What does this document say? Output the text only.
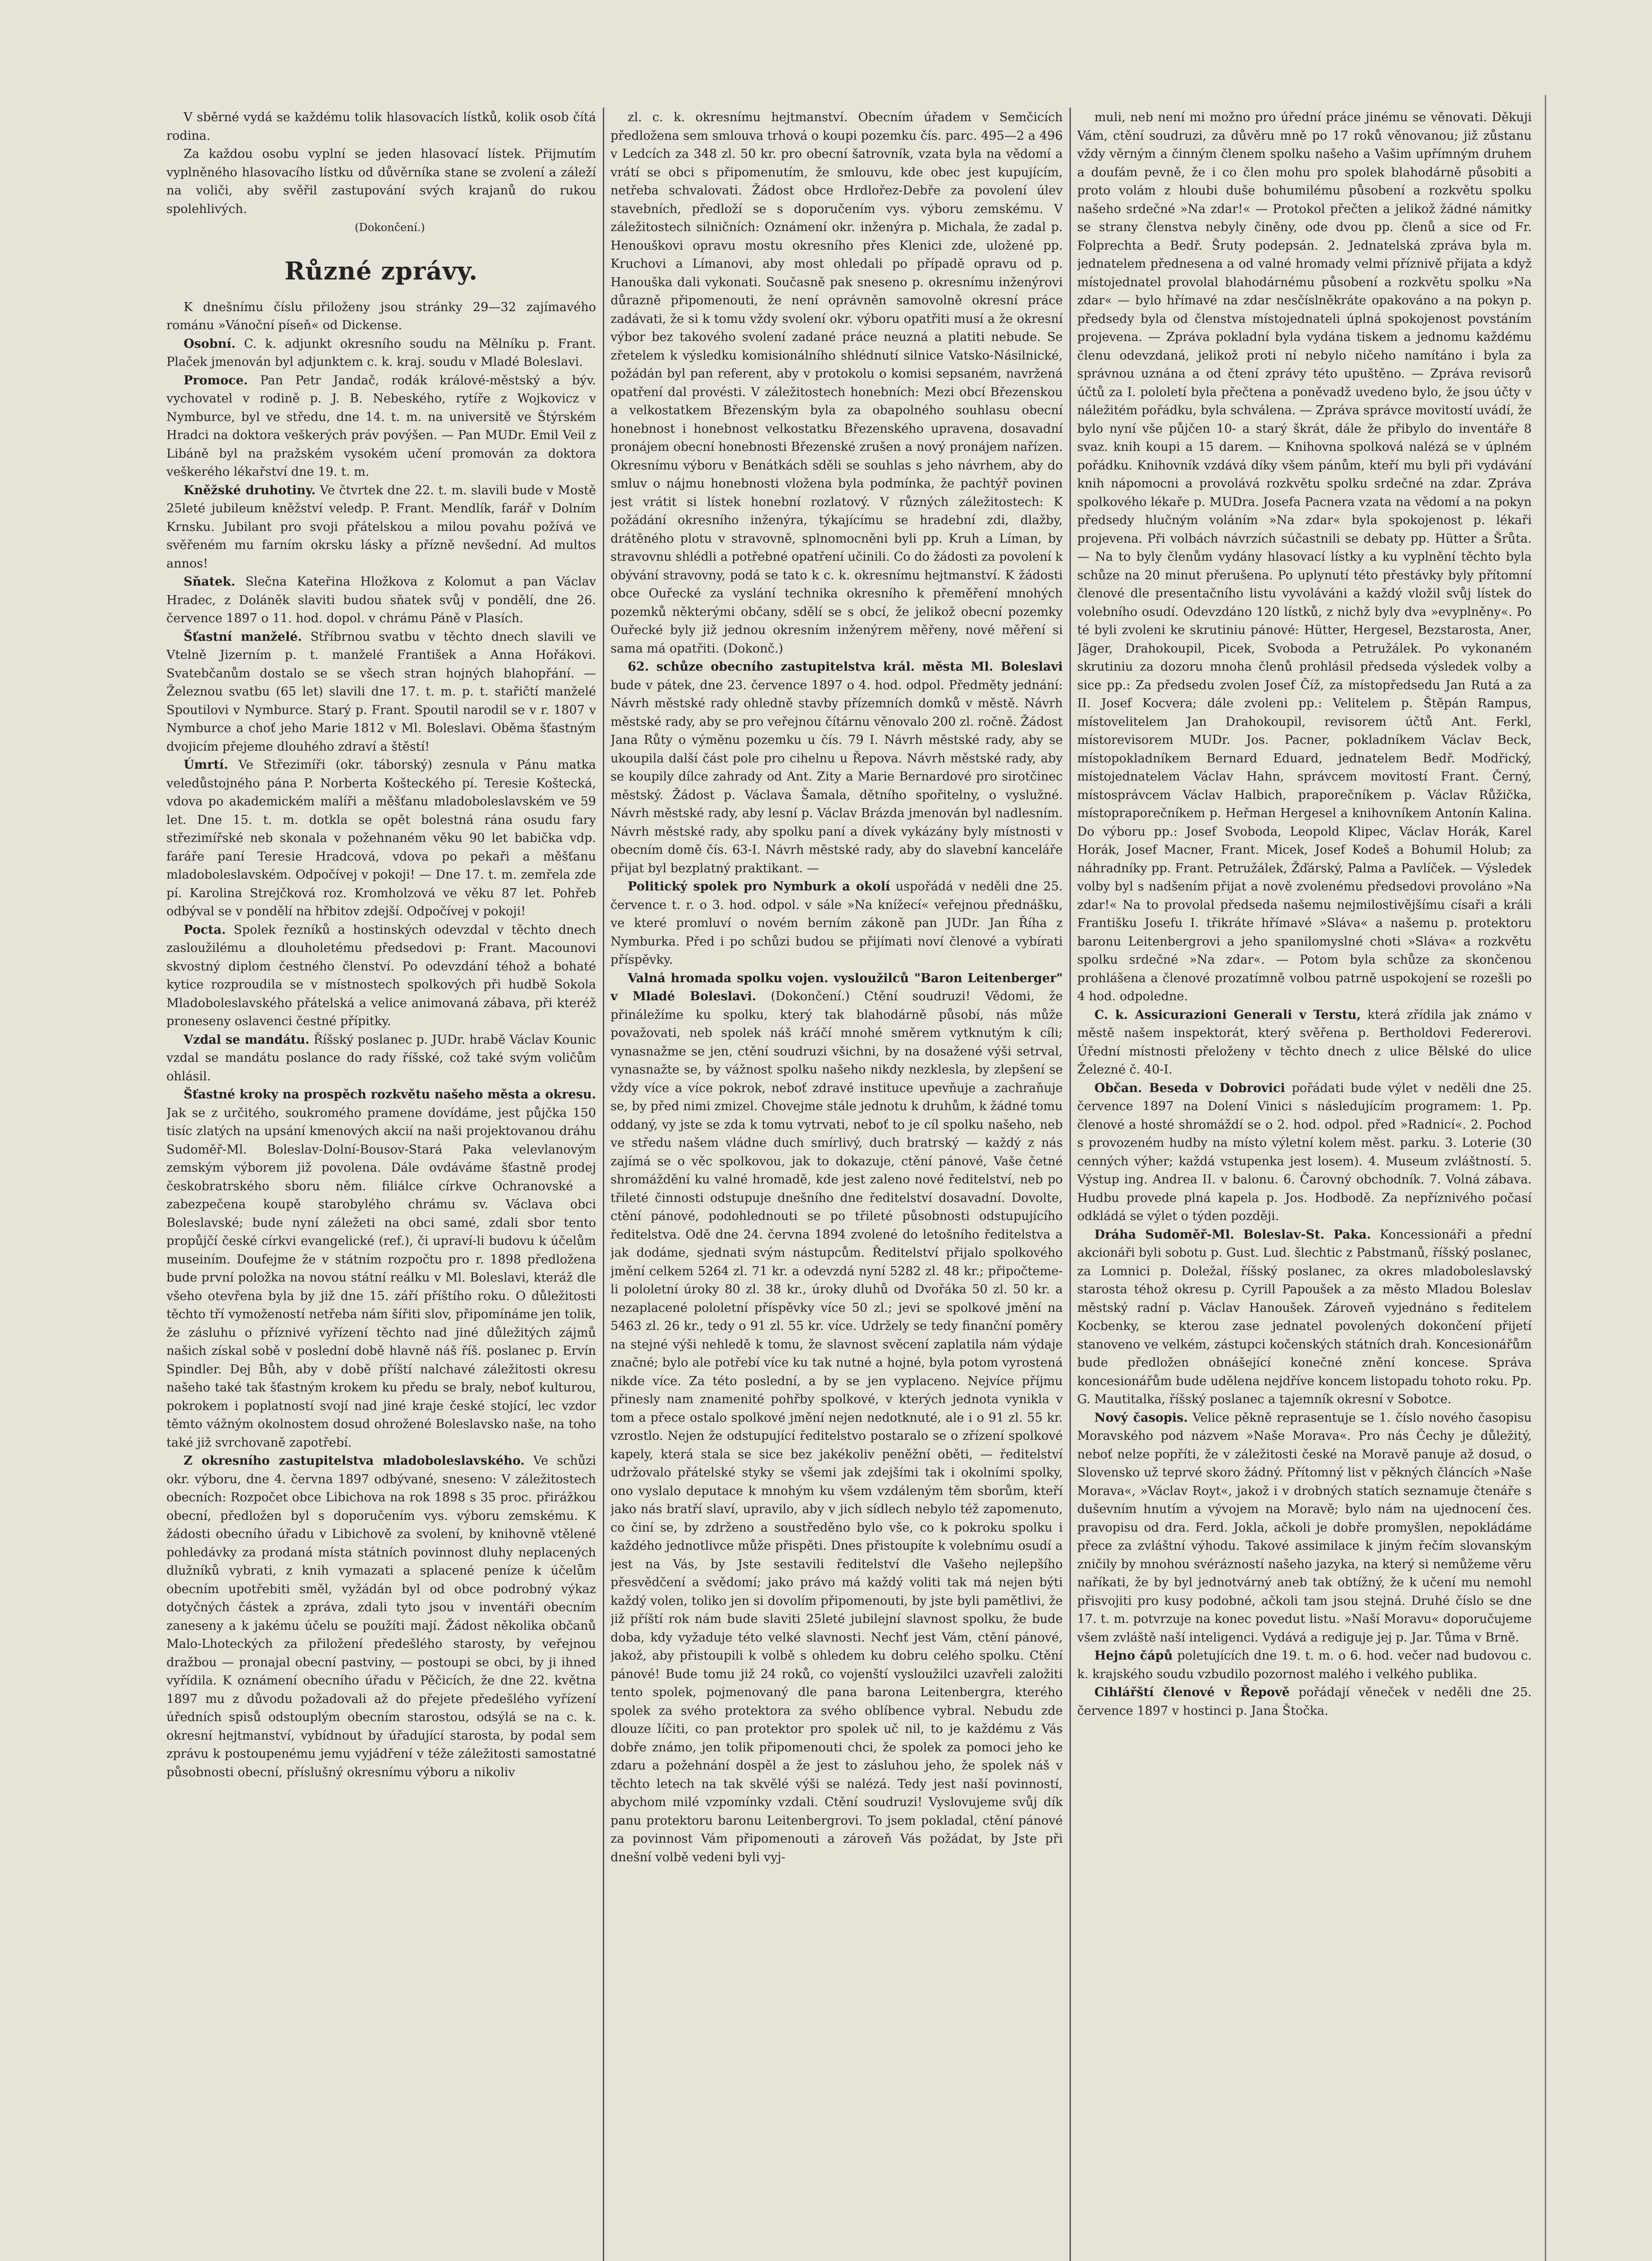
V sběrné vydá se každému tolik hlasovacích lístků, kolik osob čítá rodina.

Za každou osobu vyplní se jeden hlasovací lístek. Přijmutím vyplněného hlasovacího lístku od důvěrníka stane se zvolení a záleží na voliči, aby svěřil zastupování svých krajanů do rukou spolehlivých.

(Dokončení.)

Různé zprávy.

K dnešnímu číslu přiloženy jsou stránky 29—32 zajímavého románu »Vánoční píseň« od Dickense.

Osobní. C. k. adjunkt okresního soudu na Mělníku p. Frant. Plaček jmenován byl adjunktem c. k. kraj. soudu v Mladé Boleslavi.

Promoce. Pan Petr Jandač, rodák králové-městský a býv. vychovatel v rodině p. J. B. Nebeského, rytíře z Wojkovicz v Nymburce, byl ve středu, dne 14. t. m. na universitě ve Štýrském Hradci na doktora veškerých práv povýšen. — Pan MUDr. Emil Veil z Libáně byl na pražském vysokém učení promován za doktora veškerého lékařství dne 19. t. m.

Kněžské druhotiny. Ve čtvrtek dne 22. t. m. slavili bude v Mostě 25leté jubileum kněžství veledp. P. Frant. Mendlík, farář v Dolním Krnsku. Jubilant pro svoji přátelskou a milou povahu požívá ve svěřeném mu farním okrsku lásky a přízně nevšední. Ad multos annos!

Sňatek. Slečna Kateřina Hložkova z Kolomut a pan Václav Hradec, z Doláněk slaviti budou sňatek svůj v pondělí, dne 26. července 1897 o 11. hod. dopol. v chrámu Páně v Plasích.

Šťastní manželé. Stříbrnou svatbu v těchto dnech slavili ve Vtelně Jizerním p. t. manželé František a Anna Hořákovi. Svatebčanům dostalo se se všech stran hojných blahopřání. — Železnou svatbu (65 let) slavili dne 17. t. m. p. t. stařičtí manželé Spoutilovi v Nymburce. Starý p. Frant. Spoutil narodil se v r. 1807 v Nymburce a choť jeho Marie 1812 v Ml. Boleslavi. Oběma šťastným dvojicím přejeme dlouhého zdraví a štěstí!

Úmrtí. Ve Střezimíři (okr. táborský) zesnula v Pánu matka veledůstojného pána P. Norberta Košteckého pí. Teresie Koštecká, vdova po akademickém malíři a měšťanu mladoboleslavském ve 59 let. Dne 15. t. m. dotkla se opět bolestná rána osudu fary střezimířské neb skonala v požehnaném věku 90 let babička vdp. faráře paní Teresie Hradcová, vdova po pekaři a měšťanu mladoboleslavském. Odpočívej v pokoji! — Dne 17. t. m. zemřela zde pí. Karolina Strejčková roz. Kromholzová ve věku 87 let. Pohřeb odbýval se v pondělí na hřbitov zdejší. Odpočívej v pokoji!

Pocta. Spolek řezníků a hostinských odevzdal v těchto dnech zasloužilému a dlouholetému předsedovi p: Frant. Macounovi skvostný diplom čestného členství. Po odevzdání téhož a bohaté kytice rozproudila se v místnostech spolkových při hudbě Sokola Mladoboleslavského přátelská a velice animovaná zábava, při kteréž proneseny oslavenci čestné přípitky.

Vzdal se mandátu. Říšský poslanec p. JUDr. hrabě Václav Kounic vzdal se mandátu poslance do rady říšské, což také svým voličům ohlásil.

Šťastné kroky na prospěch rozkvětu našeho města a okresu. Jak se z určitého, soukromého pramene dovídáme, jest půjčka 150 tisíc zlatých na upsání kmenových akcií na naši projektovanou dráhu Sudoměř-Ml. Boleslav-Dolní-Bousov-Stará Paka velevlanovým zemským výborem již povolena. Dále ovdáváme šťastně prodej českobratrského sboru něm. filiálce církve Ochranovské a zabezpečena koupě starobylého chrámu sv. Václava obci Boleslavské; bude nyní záležeti na obci samé, zdali sbor tento propůjčí české církvi evangelické (ref.), či upraví-li budovu k účelům museiním. Doufejme že v státním rozpočtu pro r. 1898 předložena bude první položka na novou státní reálku v Ml. Boleslavi, kteráž dle všeho otevřena byla by již dne 15. září příštího roku. O důležitosti těchto tří vymožeností netřeba nám šířiti slov, připomínáme jen tolik, že zásluhu o příznivé vyřízení těchto nad jiné důležitých zájmů našich získal sobě v poslední době hlavně náš říš. poslanec p. Ervín Spindler. Dej Bůh, aby v době příští nalchavé záležitosti okresu našeho také tak šťastným krokem ku předu se braly, neboť kulturou, pokrokem i poplatností svojí nad jiné kraje české stojící, lec vzdor těmto vážným okolnostem dosud ohrožené Boleslavsko naše, na toho také již svrchovaně zapotřebí.

Z okresního zastupitelstva mladoboleslavského. Ve schůzi okr. výboru, dne 4. června 1897 odbývané, sneseno: V záležitostech obecních: Rozpočet obce Libichova na rok 1898 s 35 proc. přirážkou obecní, předložen byl s doporučením vys. výboru zemskému. K žádosti obecního úřadu v Libichově za svolení, by knihovně vtělené pohledávky za prodaná místa státních povinnost dluhy neplacených dlužníků vybrati, z knih vymazati a splacené peníze k účelům obecním upotřebiti směl, vyžádán byl od obce podrobný výkaz dotyčných částek a zpráva, zdali tyto jsou v inventáři obecním zaneseny a k jakému účelu se použíti mají. Žádost několika občanů Malo-Lhoteckých za přiložení předešlého starosty, by veřejnou dražbou — pronajal obecní pastviny, — postoupi se obci, by ji ihned vyřídila. K oznámení obecního úřadu v Pěčicích, že dne 22. května 1897 mu z důvodu požadovali až do přejete předešlého vyřízení úředních spisů odstouplým obecním starostou, odsýlá se na c. k. okresní hejtmanství, vybídnout by úřadující starosta, by podal sem zprávu k postoupenému jemu vyjádření v téže záležitosti samostatné působnosti obecní, příslušný okresnímu výboru a nikoliv

zl. c. k. okresnímu hejtmanství. Obecním úřadem v Semčicích předložena sem smlouva trhová o koupi pozemku čís. parc. 495—2 a 496 v Ledcích za 348 zl. 50 kr. pro obecní šatrovník, vzata byla na vědomí a vrátí se obci s připomenutím, že smlouvu, kde obec jest kupujícím, netřeba schvalovati. Žádost obce Hrdlořez-Debře za povolení úlev stavebních, předloží se s doporučením vys. výboru zemskému. V záležitostech silničních: Oznámení okr. inženýra p. Michala, že zadal p. Henouškovi opravu mostu okresního přes Klenici zde, uložené pp. Kruchovi a Límanovi, aby most ohledali po případě opravu od p. Hanouška dali vykonati. Současně pak sneseno p. okresnímu inženýrovi důrazně připomenouti, že není oprávněn samovolně okresní práce zadávati, že si k tomu vždy svolení okr. výboru opatřiti musí a že okresní výbor bez takového svolení zadané práce neuzná a platiti nebude. Se zřetelem k výsledku komisionálního shlédnutí silnice Vatsko-Násilnické, požádán byl pan referent, aby v protokolu o komisi sepsaném, navržená opatření dal provésti. V záležitostech honebních: Mezi obcí Březenskou a velkostatkem Březenským byla za obapolného souhlasu obecní honebnost i honebnost velkostatku Březenského upravena, dosavadní pronájem obecní honebnosti Březenské zrušen a nový pronájem nařízen. Okresnímu výboru v Benátkách sděli se souhlas s jeho návrhem, aby do smluv o nájmu honebnosti vložena byla podmínka, že pachtýř povinen jest vrátit si lístek honební rozlatový. V různých záležitostech: K požádání okresního inženýra, týkajícímu se hradební zdi, dlažby, drátěného plotu v stravovně, splnomocněni byli pp. Kruh a Líman, by stravovnu shlédli a potřebné opatření učinili. Co do žádosti za povolení k obývání stravovny, podá se tato k c. k. okresnímu hejtmanství. K žádosti obce Ouřecké za vyslání technika okresního k přeměření mnohých pozemků některými občany, sdělí se s obcí, že jelikož obecní pozemky Ouřecké byly již jednou okresním inženýrem měřeny, nové měření si sama má opatřiti. (Dokonč.)

62. schůze obecního zastupitelstva král. města Ml. Boleslavi bude v pátek, dne 23. července 1897 o 4. hod. odpol. Předměty jednání: Návrh městské rady ohledně stavby přízemních domků v městě. Návrh městské rady, aby se pro veřejnou čítárnu věnovalo 200 zl. ročně. Žádost Jana Růty o výměnu pozemku u čís. 79 I. Návrh městské rady, aby se ukoupila další část pole pro cihelnu u Řepova. Návrh městské rady, aby se koupily dílce zahrady od Ant. Zity a Marie Bernardové pro sirotčinec městský. Žádost p. Václava Šamala, dětního spořitelny, o vyslužné. Návrh městské rady, aby lesní p. Václav Brázda jmenován byl nadlesním. Návrh městské rady, aby spolku paní a dívek vykázány byly místnosti v obecním domě čís. 63-I. Návrh městské rady, aby do slavební kanceláře přijat byl bezplatný praktikant. —

Politický spolek pro Nymburk a okolí uspořádá v neděli dne 25. července t. r. o 3. hod. odpol. v sále »Na knížecí« veřejnou přednášku, ve které promluví o novém berním zákoně pan JUDr. Jan Říha z Nymburka. Před i po schůzi budou se přijímati noví členové a vybírati příspěvky.

Valná hromada spolku vojen. vysloužilců "Baron Leitenberger" v Mladé Boleslavi. (Dokončení.) Ctění soudruzi! Vědomi, že přináležíme ku spolku, který tak blahodárně působí, nás může považovati, neb spolek náš kráčí mnohé směrem vytknutým k cíli; vynasnažme se jen, ctění soudruzi všichni, by na dosažené výši setrval, vynasnažte se, by vážnost spolku našeho nikdy nezklesla, by zlepšení se vždy více a více pokrok, neboť zdravé instituce upevňuje a zachraňuje se, by před nimi zmizel. Chovejme stále jednotu k druhům, k žádné tomu oddaný, vy jste se zda k tomu vytrvati, neboť to je cíl spolku našeho, neb ve středu našem vládne duch smírlivý, duch bratrský — každý z nás zajímá se o věc spolkovou, jak to dokazuje, ctění pánové, Vaše četné shromáždění ku valné hromadě, kde jest zaleno nové ředitelství, neb po třileté činnosti odstupuje dnešního dne ředitelství dosavadní. Dovolte, ctění pánové, podohlednouti se po třileté působnosti odstupujícího ředitelstva. Odě dne 24. června 1894 zvolené do letošního ředitelstva a jak dodáme, sjednati svým nástupcům. Ředitelství přijalo spolkového jmění celkem 5264 zl. 71 kr. a odevzdá nyní 5282 zl. 48 kr.; připočteme-li pololetní úroky 80 zl. 38 kr., úroky dluhů od Dvořáka 50 zl. 50 kr. a nezaplacené pololetní příspěvky více 50 zl.; jevi se spolkové jmění na 5463 zl. 26 kr., tedy o 91 zl. 55 kr. více. Udržely se tedy finanční poměry na stejné výši nehledě k tomu, že slavnost svěcení zaplatila nám výdaje značné; bylo ale potřebí více ku tak nutné a hojné, byla potom vyrostená nikde více. Za této poslední, a by se jen vyplaceno. Nejvíce příjmu přinesly nam znamenité pohřby spolkové, v kterých jednota vynikla v tom a přece ostalo spolkové jmění nejen nedotknuté, ale i o 91 zl. 55 kr. vzrostlo. Nejen že odstupující ředitelstvo postaralo se o zřízení spolkové kapely, která stala se sice bez jakékoliv peněžní oběti, — ředitelství udržovalo přátelské styky se všemi jak zdejšími tak i okolními spolky, ono vyslalo deputace k mnohým ku všem vzdáleným těm sborům, kteří jako nás bratří slaví, upravilo, aby v jich sídlech nebylo též zapomenuto, co činí se, by zdrženo a soustředěno bylo vše, co k pokroku spolku i každého jednotlivce může přispěti. Dnes přistoupíte k volebnímu osudí a jest na Vás, by Jste sestavili ředitelství dle Vašeho nejlepšího přesvědčení a svědomí; jako právo má každý voliti tak má nejen býti každý volen, toliko jen si dovolím připomenouti, by jste byli pamětlivi, že již příští rok nám bude slaviti 25leté jubilejní slavnost spolku, že bude doba, kdy vyžaduje této velké slavnosti. Nechť jest Vám, ctění pánové, jakož, aby přistoupili k volbě s ohledem ku dobru celého spolku. Ctění pánové! Bude tomu již 24 roků, co vojenští vysloužilci uzavřeli založiti tento spolek, pojmenovaný dle pana barona Leitenbergra, kterého spolek za svého protektora za svého oblíbence vybral. Nebudu zde dlouze líčiti, co pan protektor pro spolek uč nil, to je každému z Vás dobře známo, jen tolik připomenouti chci, že spolek za pomoci jeho ke zdaru a požehnání dospěl a že jest to zásluhou jeho, že spolek náš v těchto letech na tak skvělé výši se nalézá. Tedy jest naší povinností, abychom milé vzpomínky vzdali. Ctění soudruzi! Vyslovujeme svůj dík panu protektoru baronu Leitenbergrovi. To jsem pokladal, ctění pánové za povinnost Vám připomenouti a zároveň Vás požádat, by Jste při dnešní volbě vedeni byli vyj-

muli, neb není mi možno pro úřední práce jinému se věnovati. Děkuji Vám, ctění soudruzi, za důvěru mně po 17 roků věnovanou; již zůstanu vždy věrným a činným členem spolku našeho a Vašim upřímným druhem a doufám pevně, že i co člen mohu pro spolek blahodárně působiti a proto volám z hloubi duše bohumilému působení a rozkvětu spolku našeho srdečné »Na zdar!« — Protokol přečten a jelikož žádné námitky se strany členstva nebyly činěny, ode dvou pp. členů a sice od Fr. Folprechta a Bedř. Šruty podepsán. 2. Jednatelská zpráva byla m. jednatelem přednesena a od valné hromady velmi příznivě přijata a když místojednatel provolal blahodárnému působení a rozkvětu spolku »Na zdar« — bylo hřímavé na zdar nesčíslněkráte opakováno a na pokyn p. předsedy byla od členstva místojednateli úplná spokojenost povstáním projevena. — Zpráva pokladní byla vydána tiskem a jednomu každému členu odevzdaná, jelikož proti ní nebylo ničeho namítáno i byla za správnou uznána a od čtení zprávy této upuštěno. — Zpráva revisorů účtů za I. pololetí byla přečtena a poněvadž uvedeno bylo, že jsou účty v náležitém pořádku, byla schválena. — Zpráva správce movitostí uvádí, že bylo nyní vše půjčen 10- a starý škrát, dále že přibylo do inventáře 8 svaz. knih koupi a 15 darem. — Knihovna spolková nalézá se v úplném pořádku. Knihovník vzdává díky všem pánům, kteří mu byli při vydávání knih nápomocni a provolává rozkvětu spolku srdečné na zdar. Zpráva spolkového lékaře p. MUDra. Josefa Pacnera vzata na vědomí a na pokyn předsedy hlučným voláním »Na zdar« byla spokojenost p. lékaři projevena. Při volbách návrzích súčastnili se debaty pp. Hütter a Šrůta. — Na to byly členům vydány hlasovací lístky a ku vyplnění těchto byla schůze na 20 minut přerušena. Po uplynutí této přestávky byly přítomní členové dle presentačního listu vyvoláváni a každý vložil svůj lístek do volebního osudí. Odevzdáno 120 lístků, z nichž byly dva »evyplněny«. Po té byli zvoleni ke skrutiniu pánové: Hütter, Hergesel, Bezstarosta, Aner, Jäger, Drahokoupil, Picek, Svoboda a Petružálek. Po vykonaném skrutiniu za dozoru mnoha členů prohlásil předseda výsledek volby a sice pp.: Za předsedu zvolen Josef Číž, za místopředsedu Jan Rutá a za II. Josef Kocvera; dále zvoleni pp.: Velitelem p. Štěpán Rampus, místovelitelem Jan Drahokoupil, revisorem účtů Ant. Ferkl, místorevisorem MUDr. Jos. Pacner, pokladníkem Václav Beck, místopokladníkem Bernard Eduard, jednatelem Bedř. Modřický, místojednatelem Václav Hahn, správcem movitostí Frant. Černý, místosprávcem Václav Halbich, praporečníkem p. Václav Růžička, místopraporečníkem p. Heřman Hergesel a knihovníkem Antonín Kalina. Do výboru pp.: Josef Svoboda, Leopold Klipec, Václav Horák, Karel Horák, Josef Macner, Frant. Micek, Josef Kodeš a Bohumil Holub; za náhradníky pp. Frant. Petružálek, Žďárský, Palma a Pavlíček. — Výsledek volby byl s nadšením přijat a nově zvolenému předsedovi provoláno »Na zdar!« Na to provolal předseda našemu nejmilostivějšímu císaři a králi Františku Josefu I. třikráte hřímavé »Sláva« a našemu p. protektoru baronu Leitenbergrovi a jeho spanilomyslné choti »Sláva« a rozkvětu spolku srdečné »Na zdar«. — Potom byla schůze za skončenou prohlášena a členové prozatímně volbou patrně uspokojení se rozešli po 4 hod. odpoledne.

C. k. Assicurazioni Generali v Terstu, která zřídila jak známo v městě našem inspektorát, který svěřena p. Bertholdovi Federerovi. Úřední místnosti přeloženy v těchto dnech z ulice Bělské do ulice Železné č. 40-I.

Občan. Beseda v Dobrovici pořádati bude výlet v neděli dne 25. července 1897 na Dolení Vinici s následujícím programem: 1. Pp. členové a hosté shromáždí se o 2. hod. odpol. před »Radnicí«. 2. Pochod s provozeném hudby na místo výletní kolem měst. parku. 3. Loterie (30 cenných výher; každá vstupenka jest losem). 4. Museum zvláštností. 5. Výstup ing. Andrea II. v balonu. 6. Čarovný obchodník. 7. Volná zábava. Hudbu provede plná kapela p. Jos. Hodbodě. Za nepříznivého počasí odkládá se výlet o týden později.

Dráha Sudoměř-Ml. Boleslav-St. Paka. Koncessionáři a přední akcionáři byli sobotu p. Gust. Lud. šlechtic z Pabstmanů, říšský poslanec, za Lomnici p. Doležal, říšský poslanec, za okres mladoboleslavský starosta téhož okresu p. Cyrill Papoušek a za město Mladou Boleslav městský radní p. Václav Hanoušek. Zároveň vyjednáno s ředitelem Kocbenky, se kterou zase jednatel povolených dokončení přijetí stanoveno ve velkém, zástupci kočenských státních drah. Koncesionářům bude předložen obnášející konečné znění koncese. Správa koncesionářům bude udělena nejdříve koncem listopadu tohoto roku. Pp. G. Mautitalka, říšský poslanec a tajemník okresní v Sobotce.

Nový časopis. Velice pěkně reprasentuje se 1. číslo nového časopisu Moravského pod názvem »Naše Morava«. Pro nás Čechy je důležitý, neboť nelze popříti, že v záležitosti české na Moravě panuje až dosud, o Slovensko už teprvé skoro žádný. Přítomný list v pěkných článcích »Naše Morava«, »Václav Royt«, jakož i v drobných statích seznamuje čtenáře s duševním hnutím a vývojem na Moravě; bylo nám na ujednocení čes. pravopisu od dra. Ferd. Jokla, ačkoli je dobře promyšlen, nepokládáme přece za zvláštní výhodu. Takové assimilace k jiným řečím slovanským zničily by mnohou svérázností našeho jazyka, na který si nemůžeme věru naříkati, že by byl jednotvárný aneb tak obtížný, že k učení mu nemohl přisvojiti pro kusy podobné, ačkoli tam jsou stejná. Druhé číslo se dne 17. t. m. potvrzuje na konec povedut listu. »Naší Moravu« doporučujeme všem zvláště naší inteligenci. Vydává a rediguje jej p. Jar. Tůma v Brně.

Hejno čápů poletujících dne 19. t. m. o 6. hod. večer nad budovou c. k. krajského soudu vzbudilo pozornost malého i velkého publika.

Cihlářští členové v Řepově pořádají věneček v neděli dne 25. července 1897 v hostinci p. Jana Štočka.
